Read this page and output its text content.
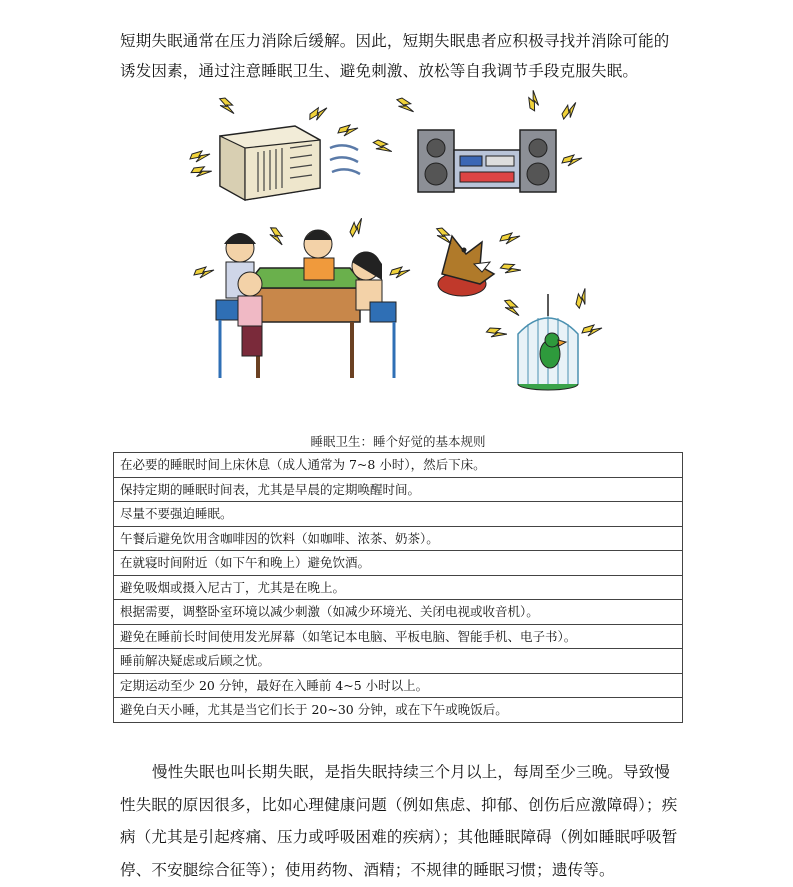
短期失眠通常在压力消除后缓解。因此，短期失眠患者应积极寻找并消除可能的诱发因素，通过注意睡眠卫生、避免刺激、放松等自我调节手段克服失眠。

睡眠卫生：睡个好觉的基本规则
在必要的睡眠时间上床休息（成人通常为 7~8 小时），然后下床。
保持定期的睡眠时间表，尤其是早晨的定期唤醒时间。
尽量不要强迫睡眠。
午餐后避免饮用含咖啡因的饮料（如咖啡、浓茶、奶茶）。
在就寝时间附近（如下午和晚上）避免饮酒。
避免吸烟或摄入尼古丁，尤其是在晚上。
根据需要，调整卧室环境以减少刺激（如减少环境光、关闭电视或收音机）。
避免在睡前长时间使用发光屏幕（如笔记本电脑、平板电脑、智能手机、电子书）。
睡前解决疑虑或后顾之忧。
定期运动至少 20 分钟，最好在入睡前 4~5 小时以上。
避免白天小睡，尤其是当它们长于 20~30 分钟，或在下午或晚饭后。

慢性失眠也叫长期失眠，是指失眠持续三个月以上，每周至少三晚。导致慢性失眠的原因很多，比如心理健康问题（例如焦虑、抑郁、创伤后应激障碍）；疾病（尤其是引起疼痛、压力或呼吸困难的疾病）；其他睡眠障碍（例如睡眠呼吸暂停、不安腿综合征等）；使用药物、酒精；不规律的睡眠习惯；遗传等。
